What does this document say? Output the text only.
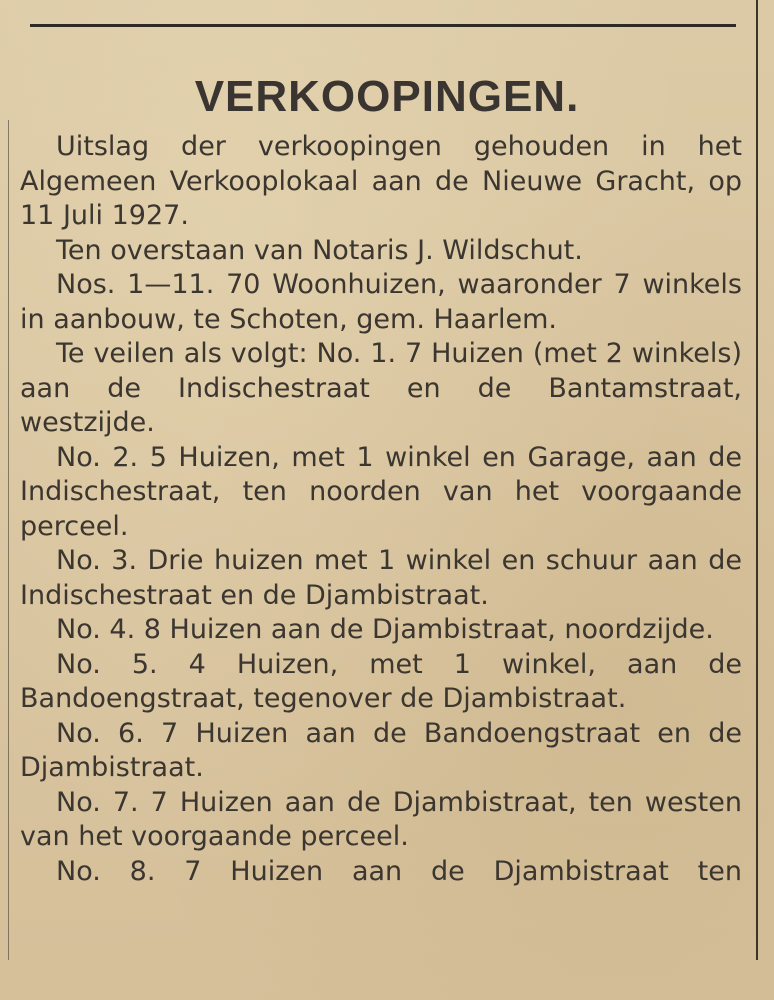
VERKOOPINGEN.

Uitslag der verkoopingen gehouden in het Algemeen Verkooplokaal aan de Nieuwe Gracht, op 11 Juli 1927.

Ten overstaan van Notaris J. Wildschut.

Nos. 1—11. 70 Woonhuizen, waaronder 7 winkels in aanbouw, te Schoten, gem. Haarlem.

Te veilen als volgt: No. 1. 7 Huizen (met 2 winkels) aan de Indischestraat en de Bantamstraat, westzijde.

No. 2. 5 Huizen, met 1 winkel en Garage, aan de Indischestraat, ten noorden van het voorgaande perceel.

No. 3. Drie huizen met 1 winkel en schuur aan de Indischestraat en de Djambistraat.

No. 4. 8 Huizen aan de Djambistraat, noordzijde.

No. 5. 4 Huizen, met 1 winkel, aan de Bandoengstraat, tegenover de Djambistraat.

No. 6. 7 Huizen aan de Bandoengstraat en de Djambistraat.

No. 7. 7 Huizen aan de Djambistraat, ten westen van het voorgaande perceel.

No. 8. 7 Huizen aan de Djambistraat ten
